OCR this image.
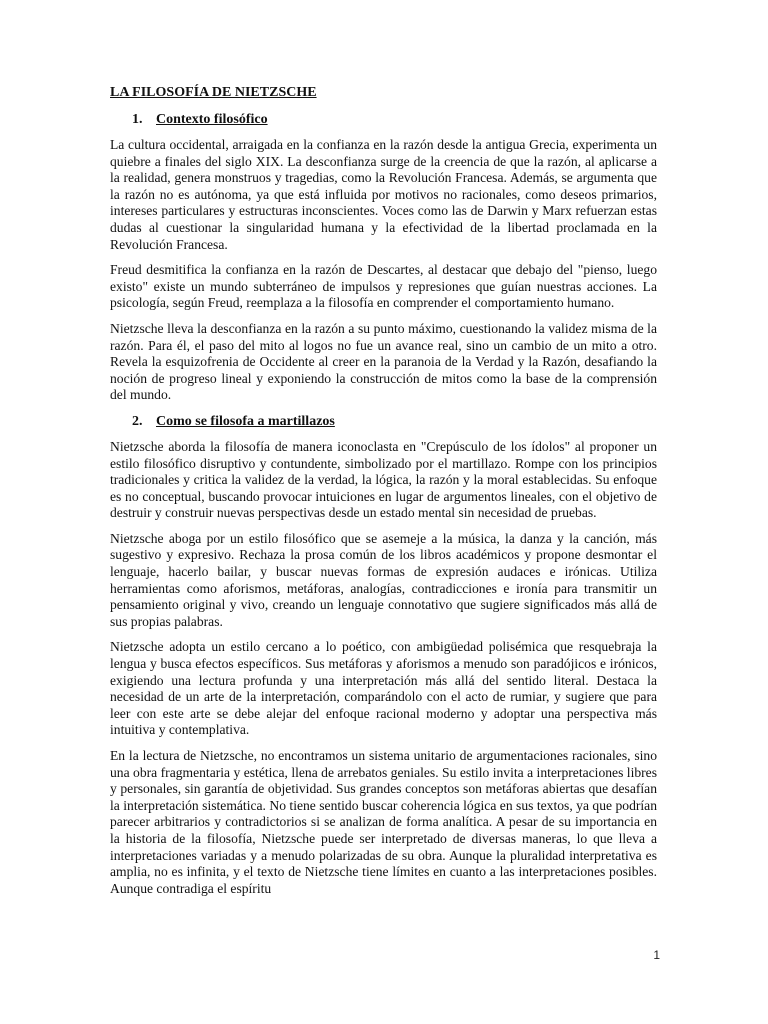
LA FILOSOFÍA DE NIETZSCHE
1. Contexto filosófico

La cultura occidental, arraigada en la confianza en la razón desde la antigua Grecia, experimenta un quiebre a finales del siglo XIX. La desconfianza surge de la creencia de que la razón, al aplicarse a la realidad, genera monstruos y tragedias, como la Revolución Francesa. Además, se argumenta que la razón no es autónoma, ya que está influida por motivos no racionales, como deseos primarios, intereses particulares y estructuras inconscientes. Voces como las de Darwin y Marx refuerzan estas dudas al cuestionar la singularidad humana y la efectividad de la libertad proclamada en la Revolución Francesa.

Freud desmitifica la confianza en la razón de Descartes, al destacar que debajo del "pienso, luego existo" existe un mundo subterráneo de impulsos y represiones que guían nuestras acciones. La psicología, según Freud, reemplaza a la filosofía en comprender el comportamiento humano.

Nietzsche lleva la desconfianza en la razón a su punto máximo, cuestionando la validez misma de la razón. Para él, el paso del mito al logos no fue un avance real, sino un cambio de un mito a otro. Revela la esquizofrenia de Occidente al creer en la paranoia de la Verdad y la Razón, desafiando la noción de progreso lineal y exponiendo la construcción de mitos como la base de la comprensión del mundo.

2. Como se filosofa a martillazos

Nietzsche aborda la filosofía de manera iconoclasta en "Crepúsculo de los ídolos" al proponer un estilo filosófico disruptivo y contundente, simbolizado por el martillazo. Rompe con los principios tradicionales y critica la validez de la verdad, la lógica, la razón y la moral establecidas. Su enfoque es no conceptual, buscando provocar intuiciones en lugar de argumentos lineales, con el objetivo de destruir y construir nuevas perspectivas desde un estado mental sin necesidad de pruebas.

Nietzsche aboga por un estilo filosófico que se asemeje a la música, la danza y la canción, más sugestivo y expresivo. Rechaza la prosa común de los libros académicos y propone desmontar el lenguaje, hacerlo bailar, y buscar nuevas formas de expresión audaces e irónicas. Utiliza herramientas como aforismos, metáforas, analogías, contradicciones e ironía para transmitir un pensamiento original y vivo, creando un lenguaje connotativo que sugiere significados más allá de sus propias palabras.

Nietzsche adopta un estilo cercano a lo poético, con ambigüedad polisémica que resquebraja la lengua y busca efectos específicos. Sus metáforas y aforismos a menudo son paradójicos e irónicos, exigiendo una lectura profunda y una interpretación más allá del sentido literal. Destaca la necesidad de un arte de la interpretación, comparándolo con el acto de rumiar, y sugiere que para leer con este arte se debe alejar del enfoque racional moderno y adoptar una perspectiva más intuitiva y contemplativa.

En la lectura de Nietzsche, no encontramos un sistema unitario de argumentaciones racionales, sino una obra fragmentaria y estética, llena de arrebatos geniales. Su estilo invita a interpretaciones libres y personales, sin garantía de objetividad. Sus grandes conceptos son metáforas abiertas que desafían la interpretación sistemática. No tiene sentido buscar coherencia lógica en sus textos, ya que podrían parecer arbitrarios y contradictorios si se analizan de forma analítica. A pesar de su importancia en la historia de la filosofía, Nietzsche puede ser interpretado de diversas maneras, lo que lleva a interpretaciones variadas y a menudo polarizadas de su obra. Aunque la pluralidad interpretativa es amplia, no es infinita, y el texto de Nietzsche tiene límites en cuanto a las interpretaciones posibles. Aunque contradiga el espíritu

1
